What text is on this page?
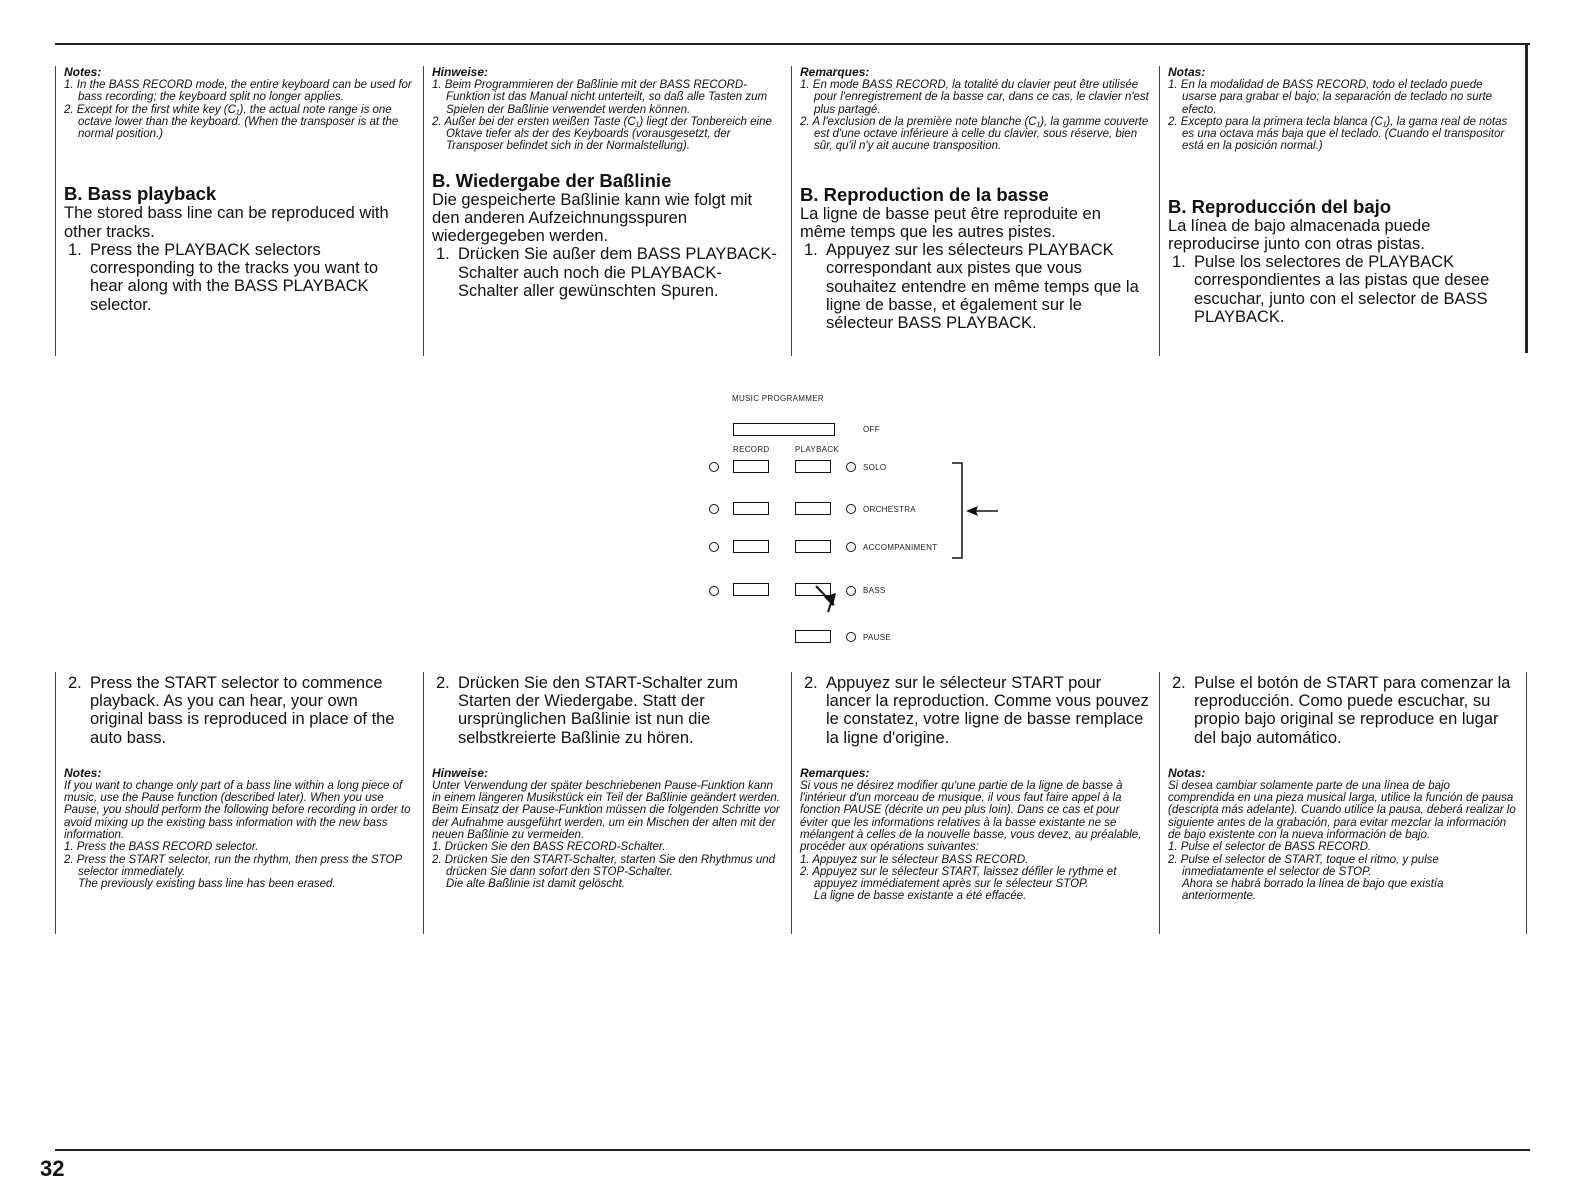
32
Notes:

1. In the BASS RECORD mode, the entire keyboard can be used for bass recording; the keyboard split no longer applies.

2. Except for the first white key (C₁), the actual note range is one octave lower than the keyboard. (When the transposer is at the normal position.)

B. Bass playback

The stored bass line can be reproduced with other tracks.

1. Press the PLAYBACK selectors corresponding to the tracks you want to hear along with the BASS PLAYBACK selector.

Hinweise:

1. Beim Programmieren der Baßlinie mit der BASS RECORD-Funktion ist das Manual nicht unterteilt, so daß alle Tasten zum Spielen der Baßlinie verwendet werden können.

2. Außer bei der ersten weißen Taste (C₁) liegt der Tonbereich eine Oktave tiefer als der des Keyboards (vorausgesetzt, der Transposer befindet sich in der Normalstellung).

B. Wiedergabe der Baßlinie

Die gespeicherte Baßlinie kann wie folgt mit den anderen Aufzeichnungsspuren wiedergegeben werden.

1. Drücken Sie außer dem BASS PLAYBACK-Schalter auch noch die PLAYBACK-Schalter aller gewünschten Spuren.

Remarques:

1. En mode BASS RECORD, la totalité du clavier peut être utilisée pour l'enregistrement de la basse car, dans ce cas, le clavier n'est plus partagé.

2. A l'exclusion de la première note blanche (C₁), la gamme couverte est d'une octave inférieure à celle du clavier, sous réserve, bien sûr, qu'il n'y ait aucune transposition.

B. Reproduction de la basse

La ligne de basse peut être reproduite en même temps que les autres pistes.

1. Appuyez sur les sélecteurs PLAYBACK correspondant aux pistes que vous souhaitez entendre en même temps que la ligne de basse, et également sur le sélecteur BASS PLAYBACK.

Notas:

1. En la modalidad de BASS RECORD, todo el teclado puede usarse para grabar el bajo; la separación de teclado no surte efecto.

2. Excepto para la primera tecla blanca (C₁), la gama real de notas es una octava más baja que el teclado. (Cuando el transpositor está en la posición normal.)

B. Reproducción del bajo

La línea de bajo almacenada puede reproducirse junto con otras pistas.

1. Pulse los selectores de PLAYBACK correspondientes a las pistas que desee escuchar, junto con el selector de BASS PLAYBACK.

MUSIC PROGRAMMER
OFF
RECORD	PLAYBACK
SOLO
ORCHESTRA
ACCOMPANIMENT
BASS
PAUSE

2. Press the START selector to commence playback. As you can hear, your own original bass is reproduced in place of the auto bass.

Notes:

If you want to change only part of a bass line within a long piece of music, use the Pause function (described later). When you use Pause, you should perform the following before recording in order to avoid mixing up the existing bass information with the new bass information.

1. Press the BASS RECORD selector.

2. Press the START selector, run the rhythm, then press the STOP selector immediately.

The previously existing bass line has been erased.

2. Drücken Sie den START-Schalter zum Starten der Wiedergabe. Statt der ursprünglichen Baßlinie ist nun die selbstkreierte Baßlinie zu hören.

Hinweise:

Unter Verwendung der später beschriebenen Pause-Funktion kann in einem längeren Musikstück ein Teil der Baßlinie geändert werden. Beim Einsatz der Pause-Funktion müssen die folgenden Schritte vor der Aufnahme ausgeführt werden, um ein Mischen der alten mit der neuen Baßlinie zu vermeiden.

1. Drücken Sie den BASS RECORD-Schalter.

2. Drücken Sie den START-Schalter, starten Sie den Rhythmus und drücken Sie dann sofort den STOP-Schalter.

Die alte Baßlinie ist damit gelöscht.

2. Appuyez sur le sélecteur START pour lancer la reproduction. Comme vous pouvez le constatez, votre ligne de basse remplace la ligne d'origine.

Remarques:

Si vous ne désirez modifier qu'une partie de la ligne de basse à l'intérieur d'un morceau de musique, il vous faut faire appel à la fonction PAUSE (décrite un peu plus loin). Dans ce cas et pour éviter que les informations relatives à la basse existante ne se mélangent à celles de la nouvelle basse, vous devez, au préalable, procéder aux opérations suivantes:

1. Appuyez sur le sélecteur BASS RECORD.

2. Appuyez sur le sélecteur START, laissez défiler le rythme et appuyez immédiatement après sur le sélecteur STOP.

La ligne de basse existante a été effacée.

2. Pulse el botón de START para comenzar la reproducción. Como puede escuchar, su propio bajo original se reproduce en lugar del bajo automático.

Notas:

Si desea cambiar solamente parte de una línea de bajo comprendida en una pieza musical larga, utilice la función de pausa (descripta más adelante). Cuando utilice la pausa, deberá realizar lo siguiente antes de la grabación, para evitar mezclar la información de bajo existente con la nueva información de bajo.

1. Pulse el selector de BASS RECORD.

2. Pulse el selector de START, toque el ritmo, y pulse inmediatamente el selector de STOP.

Ahora se habrá borrado la línea de bajo que existía anteriormente.
